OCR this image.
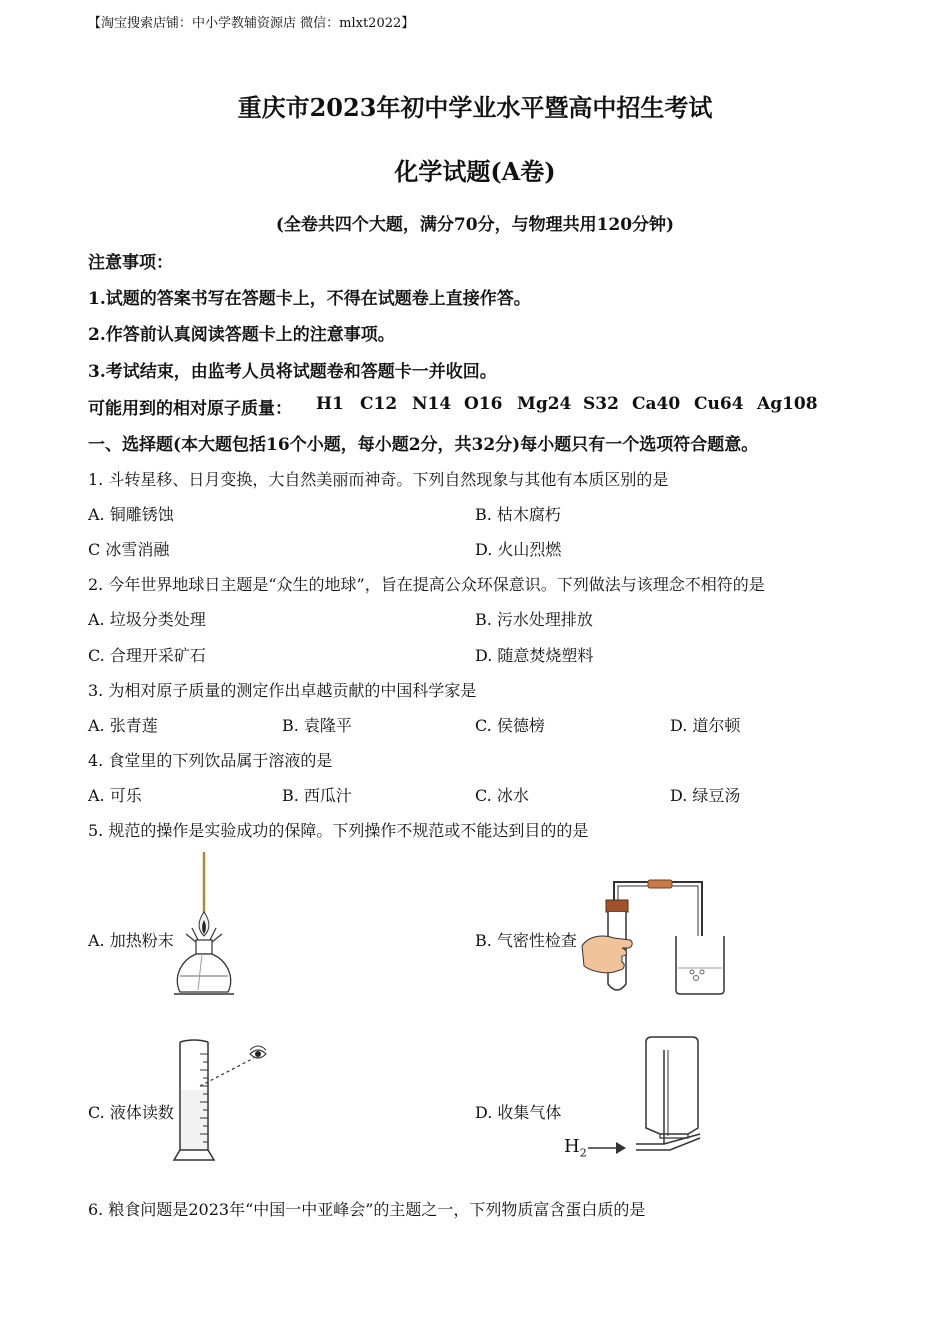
【淘宝搜索店铺：中小学教辅资源店 微信：mlxt2022】
重庆市2023年初中学业水平暨高中招生考试
化学试题(A卷)
(全卷共四个大题，满分70分，与物理共用120分钟)
注意事项：
1.试题的答案书写在答题卡上，不得在试题卷上直接作答。
2.作答前认真阅读答题卡上的注意事项。
3.考试结束，由监考人员将试题卷和答题卡一并收回。
可能用到的相对原子质量： H1 C12 N14 O16 Mg24 S32 Ca40 Cu64 Ag108
一、选择题(本大题包括16个小题，每小题2分，共32分)每小题只有一个选项符合题意。
1. 斗转星移、日月变换，大自然美丽而神奇。下列自然现象与其他有本质区别的是
A. 铜雕锈蚀	B. 枯木腐朽
C 冰雪消融	D. 火山烈燃
2. 今年世界地球日主题是“众生的地球”，旨在提高公众环保意识。下列做法与该理念不相符的是
A. 垃圾分类处理	B. 污水处理排放
C. 合理开采矿石	D. 随意焚烧塑料
3. 为相对原子质量的测定作出卓越贡献的中国科学家是
A. 张青莲	B. 袁隆平	C. 侯德榜	D. 道尔顿
4. 食堂里的下列饮品属于溶液的是
A. 可乐	B. 西瓜汁	C. 冰水	D. 绿豆汤
5. 规范的操作是实验成功的保障。下列操作不规范或不能达到目的的是
A. 加热粉末	B. 气密性检查
C. 液体读数	D. 收集气体
$H_2$
6. 粮食问题是2023年“中国一中亚峰会”的主题之一，下列物质富含蛋白质的是
